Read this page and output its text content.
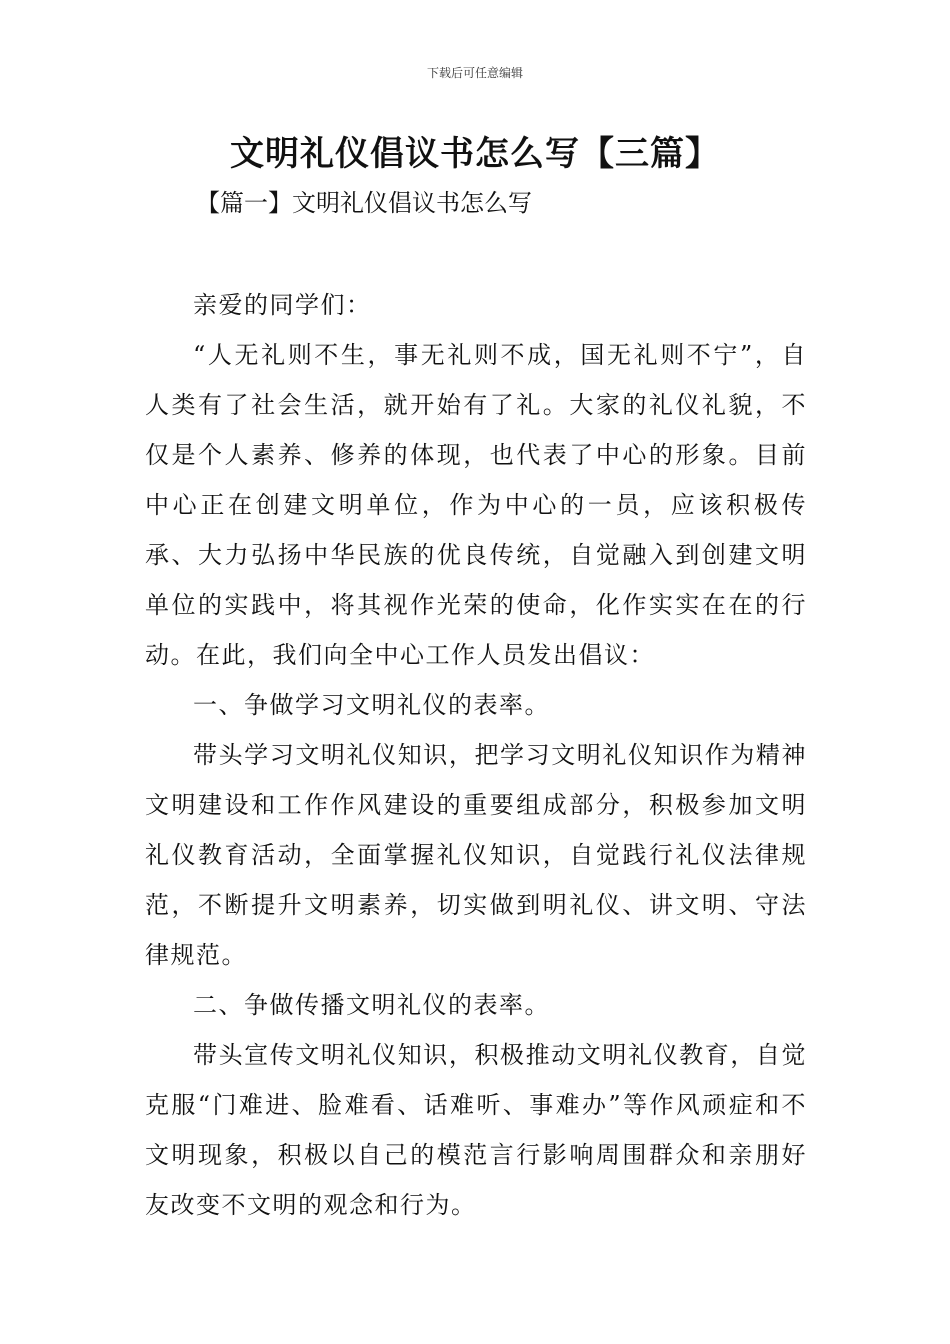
下载后可任意编辑
文明礼仪倡议书怎么写【三篇】
【篇一】文明礼仪倡议书怎么写

亲爱的同学们：

“人无礼则不生，事无礼则不成，国无礼则不宁”，自人类有了社会生活，就开始有了礼。大家的礼仪礼貌，不仅是个人素养、修养的体现，也代表了中心的形象。目前中心正在创建文明单位，作为中心的一员，应该积极传承、大力弘扬中华民族的优良传统，自觉融入到创建文明单位的实践中，将其视作光荣的使命，化作实实在在的行动。在此，我们向全中心工作人员发出倡议：

一、争做学习文明礼仪的表率。

带头学习文明礼仪知识，把学习文明礼仪知识作为精神文明建设和工作作风建设的重要组成部分，积极参加文明礼仪教育活动，全面掌握礼仪知识，自觉践行礼仪法律规范，不断提升文明素养，切实做到明礼仪、讲文明、守法律规范。

二、争做传播文明礼仪的表率。

带头宣传文明礼仪知识，积极推动文明礼仪教育，自觉克服“门难进、脸难看、话难听、事难办”等作风顽症和不文明现象，积极以自己的模范言行影响周围群众和亲朋好友改变不文明的观念和行为。
